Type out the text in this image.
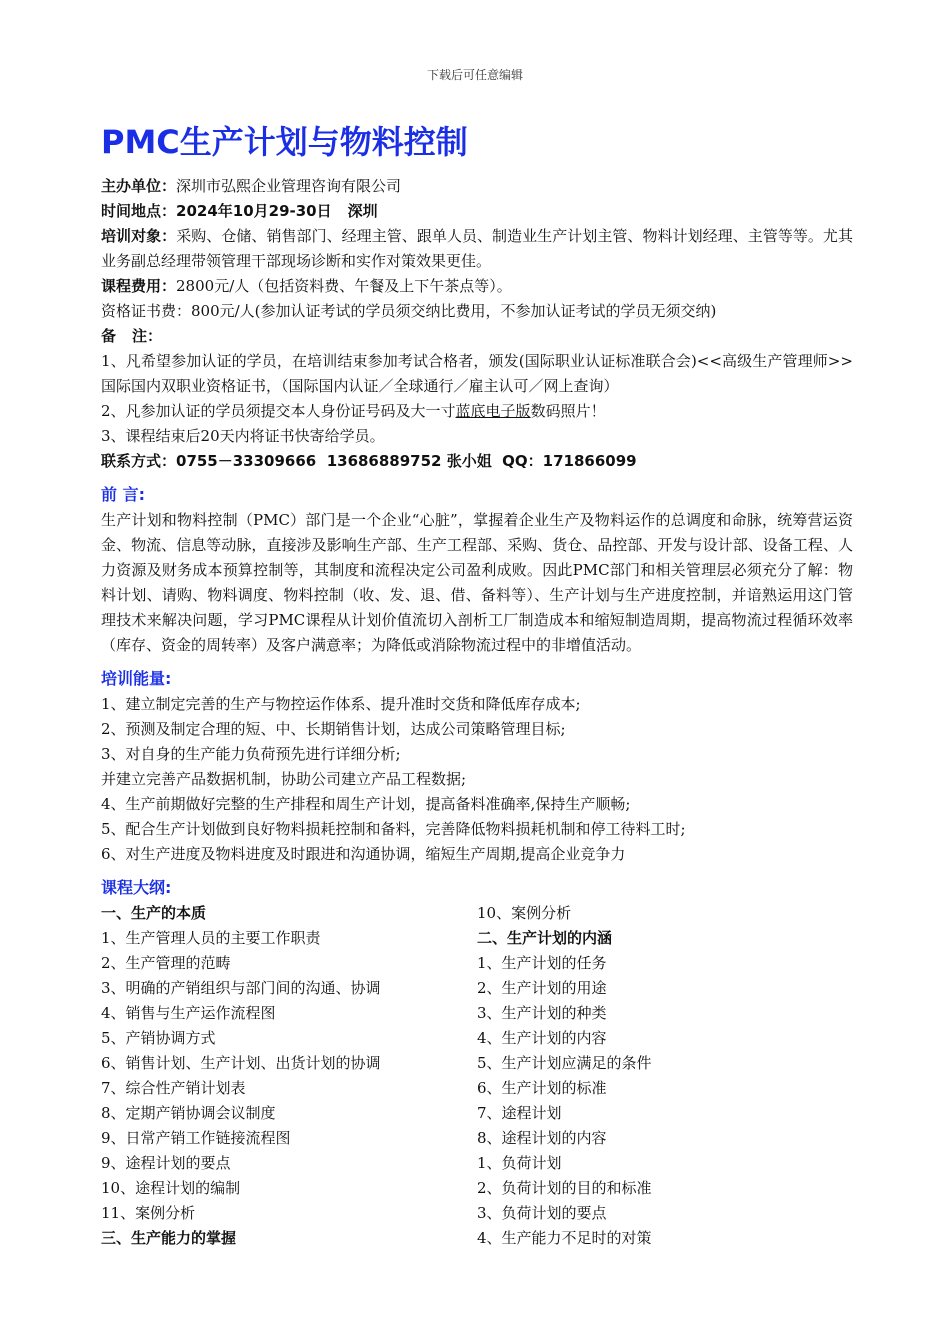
下载后可任意编辑
PMC生产计划与物料控制

主办单位：深圳市弘熙企业管理咨询有限公司

时间地点：2024年10月29-30日 深圳

培训对象：采购、仓储、销售部门、经理主管、跟单人员、制造业生产计划主管、物料计划经理、主管等等。尤其业务副总经理带领管理干部现场诊断和实作对策效果更佳。

课程费用：2800元/人（包括资料费、午餐及上下午茶点等）。

资格证书费：800元/人(参加认证考试的学员须交纳比费用，不参加认证考试的学员无须交纳)

备 注：

1、凡希望参加认证的学员，在培训结束参加考试合格者，颁发(国际职业认证标准联合会)<<高级生产管理师>>国际国内双职业资格证书，（国际国内认证／全球通行／雇主认可／网上查询）

2、凡参加认证的学员须提交本人身份证号码及大一寸蓝底电子版数码照片！

3、课程结束后20天内将证书快寄给学员。

联系方式：0755－33309666  13686889752 张小姐  QQ：171866099

前 言:

生产计划和物料控制（PMC）部门是一个企业“心脏”，掌握着企业生产及物料运作的总调度和命脉，统筹营运资金、物流、信息等动脉，直接涉及影响生产部、生产工程部、采购、货仓、品控部、开发与设计部、设备工程、人力资源及财务成本预算控制等，其制度和流程决定公司盈利成败。因此PMC部门和相关管理层必须充分了解：物料计划、请购、物料调度、物料控制（收、发、退、借、备料等）、生产计划与生产进度控制，并谙熟运用这门管理技术来解决问题，学习PMC课程从计划价值流切入剖析工厂制造成本和缩短制造周期，提高物流过程循环效率（库存、资金的周转率）及客户满意率；为降低或消除物流过程中的非增值活动。

培训能量:

1、建立制定完善的生产与物控运作体系、提升准时交货和降低库存成本;

2、预测及制定合理的短、中、长期销售计划，达成公司策略管理目标;

3、对自身的生产能力负荷预先进行详细分析;

并建立完善产品数据机制，协助公司建立产品工程数据;

4、生产前期做好完整的生产排程和周生产计划，提高备料准确率,保持生产顺畅;

5、配合生产计划做到良好物料损耗控制和备料，完善降低物料损耗机制和停工待料工时;

6、对生产进度及物料进度及时跟进和沟通协调，缩短生产周期,提高企业竞争力

课程大纲:

一、生产的本质

1、生产管理人员的主要工作职责

2、生产管理的范畴

3、明确的产销组织与部门间的沟通、协调

4、销售与生产运作流程图

5、产销协调方式

6、销售计划、生产计划、出货计划的协调

7、综合性产销计划表

8、定期产销协调会议制度

9、日常产销工作链接流程图

9、途程计划的要点

10、途程计划的编制

11、案例分析

三、生产能力的掌握

10、案例分析

二、生产计划的内涵

1、生产计划的任务

2、生产计划的用途

3、生产计划的种类

4、生产计划的内容

5、生产计划应满足的条件

6、生产计划的标准

7、途程计划

8、途程计划的内容

1、负荷计划

2、负荷计划的目的和标准

3、负荷计划的要点

4、生产能力不足时的对策
